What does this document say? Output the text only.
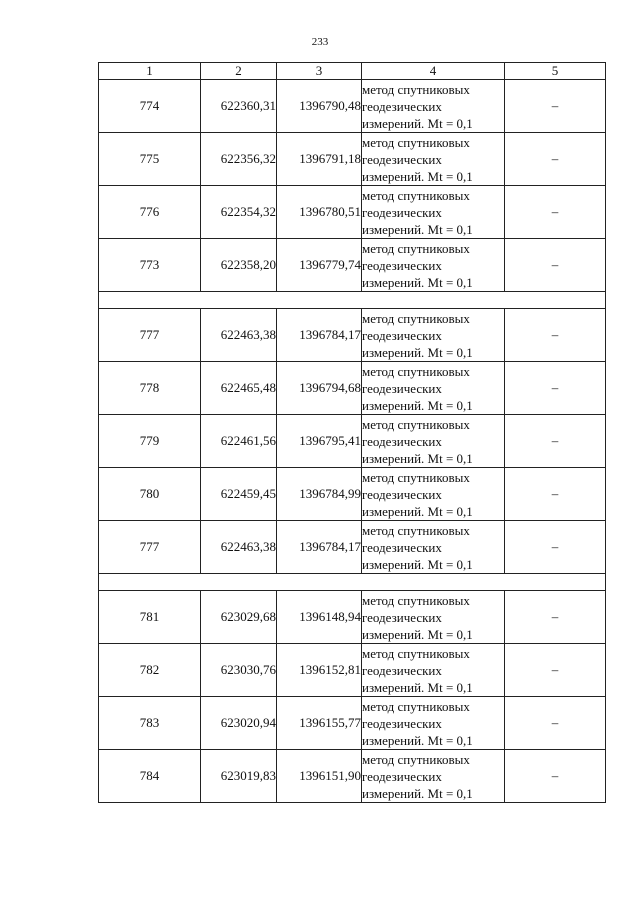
233
1	2	3	4	5
774	622360,31	1396790,48	метод спутниковых
геодезических
измерений. Mt = 0,1	–
775	622356,32	1396791,18	метод спутниковых
геодезических
измерений. Mt = 0,1	–
776	622354,32	1396780,51	метод спутниковых
геодезических
измерений. Mt = 0,1	–
773	622358,20	1396779,74	метод спутниковых
геодезических
измерений. Mt = 0,1	–

777	622463,38	1396784,17	метод спутниковых
геодезических
измерений. Mt = 0,1	–
778	622465,48	1396794,68	метод спутниковых
геодезических
измерений. Mt = 0,1	–
779	622461,56	1396795,41	метод спутниковых
геодезических
измерений. Mt = 0,1	–
780	622459,45	1396784,99	метод спутниковых
геодезических
измерений. Mt = 0,1	–
777	622463,38	1396784,17	метод спутниковых
геодезических
измерений. Mt = 0,1	–

781	623029,68	1396148,94	метод спутниковых
геодезических
измерений. Mt = 0,1	–
782	623030,76	1396152,81	метод спутниковых
геодезических
измерений. Mt = 0,1	–
783	623020,94	1396155,77	метод спутниковых
геодезических
измерений. Mt = 0,1	–
784	623019,83	1396151,90	метод спутниковых
геодезических
измерений. Mt = 0,1	–
